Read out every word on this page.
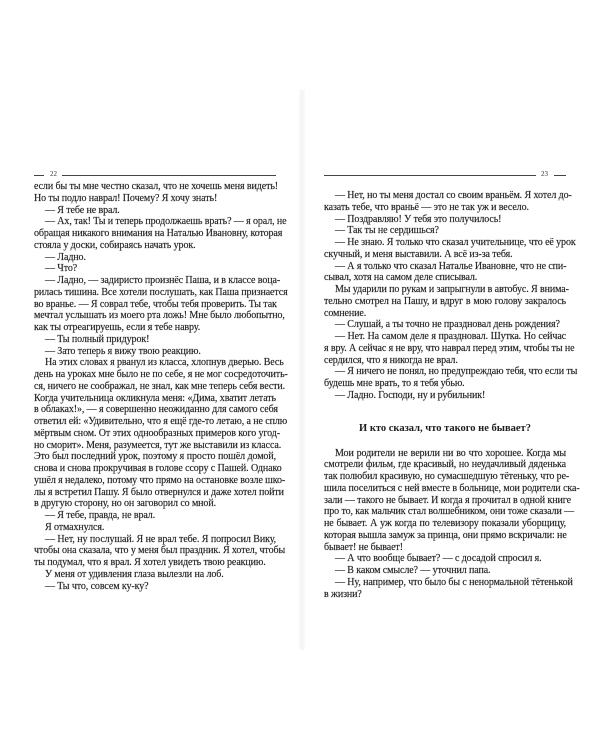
22	23
если бы ты мне честно сказал, что не хочешь меня видеть!
Но ты подло наврал! Почему? Я хочу знать!
— Я тебе не врал.
— Ах, так! Ты и теперь продолжаешь врать? — я орал, не
обращая никакого внимания на Наталью Ивановну, которая
стояла у доски, собираясь начать урок.
— Ладно.
— Что?
— Ладно, — задиристо произнёс Паша, и в классе воца-
рилась тишина. Все хотели послушать, как Паша признается
во вранье. — Я соврал тебе, чтобы тебя проверить. Ты так
мечтал услышать из моего рта ложь! Мне было любопытно,
как ты отреагируешь, если я тебе навру.
— Ты полный придурок!
— Зато теперь я вижу твою реакцию.
На этих словах я рванул из класса, хлопнув дверью. Весь
день на уроках мне было не по себе, я не мог сосредоточить-
ся, ничего не соображал, не знал, как мне теперь себя вести.
Когда учительница окликнула меня: «Дима, хватит летать
в облаках!», — я совершенно неожиданно для самого себя
ответил ей: «Удивительно, что я ещё где-то летаю, а не сплю
мёртвым сном. От этих однообразных примеров кого угод-
но сморит». Меня, разумеется, тут же выставили из класса.
Это был последний урок, поэтому я просто пошёл домой,
снова и снова прокручивая в голове ссору с Пашей. Однако
ушёл я недалеко, потому что прямо на остановке возле шко-
лы я встретил Пашу. Я было отвернулся и даже хотел пойти
в другую сторону, но он заговорил со мной.
— Я тебе, правда, не врал.
Я отмахнулся.
— Нет, ну послушай. Я не врал тебе. Я попросил Вику,
чтобы она сказала, что у меня был праздник. Я хотел, чтобы
ты подумал, что я врал. Я хотел увидеть твою реакцию.
У меня от удивления глаза вылезли на лоб.
— Ты что, совсем ку-ку?
— Нет, но ты меня достал со своим враньём. Я хотел до-
казать тебе, что враньё — это не так уж и весело.
— Поздравляю! У тебя это получилось!
— Так ты не сердишься?
— Не знаю. Я только что сказал учительнице, что её урок
скучный, и меня выставили. А всё из-за тебя.
— А я только что сказал Наталье Ивановне, что не спи-
сывал, хотя на самом деле списывал.
Мы ударили по рукам и запрыгнули в автобус. Я внима-
тельно смотрел на Пашу, и вдруг в мою голову закралось
сомнение.
— Слушай, а ты точно не праздновал день рождения?
— Нет. На самом деле я праздновал. Шутка. Но сейчас
я вру. А сейчас я не вру, что наврал перед этим, чтобы ты не
сердился, что я никогда не врал.
— Я ничего не понял, но предупреждаю тебя, что если ты
будешь мне врать, то я тебя убью.
— Ладно. Господи, ну и рубильник!
И кто сказал, что такого не бывает?
Мои родители не верили ни во что хорошее. Когда мы
смотрели фильм, где красивый, но неудачливый дяденька
так полюбил красивую, но сумасшедшую тётеньку, что ре-
шила поселиться с ней вместе в больнице, мои родители ска-
зали — такого не бывает. И когда я прочитал в одной книге
про то, как мальчик стал волшебником, они тоже сказали —
не бывает. А уж когда по телевизору показали уборщицу,
которая вышла замуж за принца, они прямо вскричали: не
бывает! не бывает!
— А что вообще бывает? — с досадой спросил я.
— В каком смысле? — уточнил папа.
— Ну, например, что было бы с ненормальной тётенькой
в жизни?
